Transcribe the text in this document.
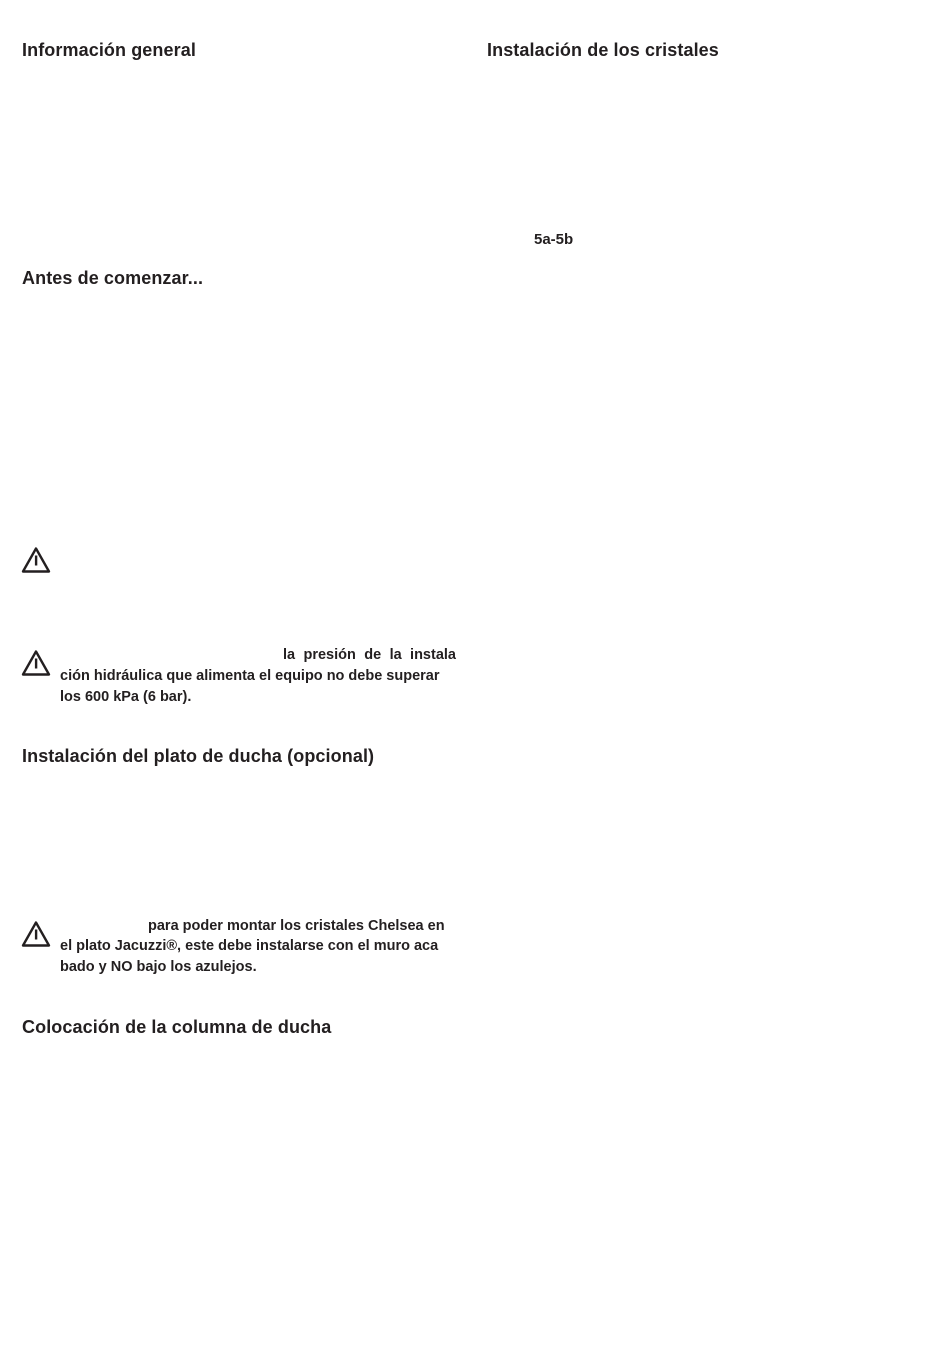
Información general
Antes de comenzar...
la presión de la instala

ción hidráulica que alimenta el equipo no debe superar

los 600 kPa (6 bar).

Instalación del plato de ducha (opcional)

para poder montar los cristales Chelsea en

el plato Jacuzzi®, este debe instalarse con el muro aca

bado y NO bajo los azulejos.

Colocación de la columna de ducha
Instalación de los cristales

5a-5b
